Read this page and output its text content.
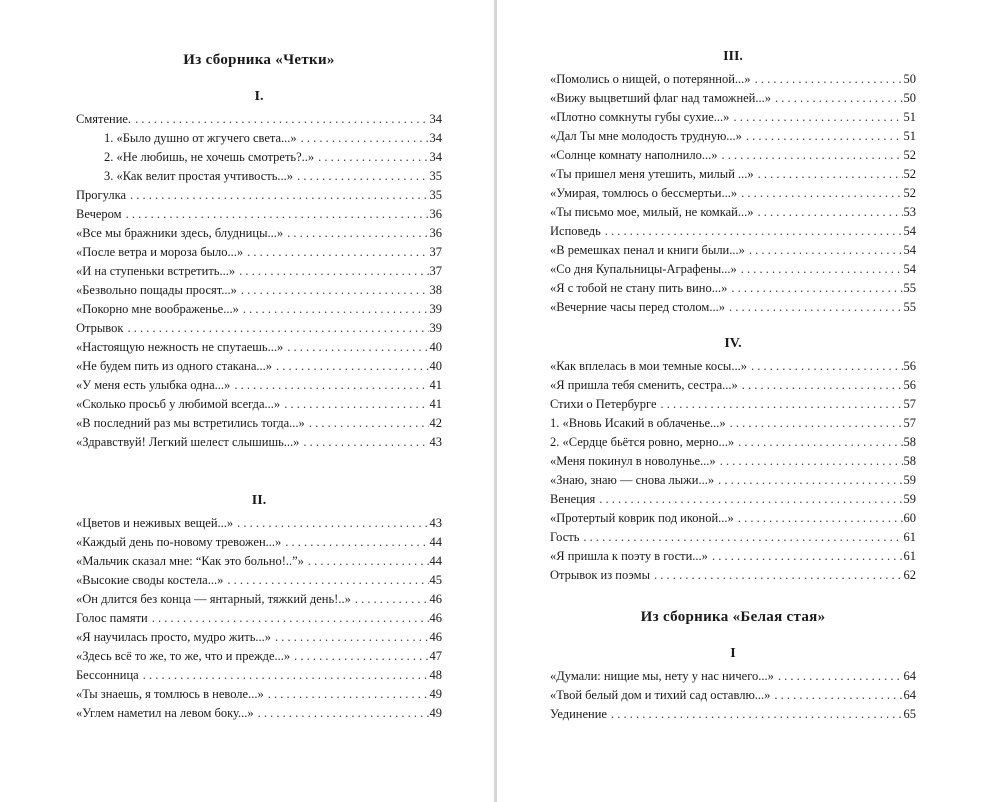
Из сборника «Четки»
I.
Смятение. . . .	34
1. «Было душно от жгучего света...» . . .	34
2. «Не любишь, не хочешь смотреть?..» . . .	34
3. «Как велит простая учтивость...» . . .	35
Прогулка . . .	35
Вечером . . .	36
«Все мы бражники здесь, блудницы...» . . .	36
«После ветра и мороза было...» . . .	37
«И на ступеньки встретить...» . . .	37
«Безвольно пощады просят...» . . .	38
«Покорно мне воображенье...» . . .	39
Отрывок . . .	39
«Настоящую нежность не спутаешь...» . . .	40
«Не будем пить из одного стакана...» . . .	40
«У меня есть улыбка одна...» . . .	41
«Сколько просьб у любимой всегда...» . . .	41
«В последний раз мы встретились тогда...» . . .	42
«Здравствуй! Легкий шелест слышишь...» . . .	43
II.
«Цветов и неживых вещей...» . . .	43
«Каждый день по-новому тревожен...» . . .	44
«Мальчик сказал мне: “Как это больно!..”» . . .	44
«Высокие своды костела...» . . .	45
«Он длится без конца — янтарный, тяжкий день!..» . . .	46
Голос памяти . . .	46
«Я научилась просто, мудро жить...» . . .	46
«Здесь всё то же, то же, что и прежде...» . . .	47
Бессонница . . .	48
«Ты знаешь, я томлюсь в неволе...» . . .	49
«Углем наметил на левом боку...» . . .	49
III.
«Помолись о нищей, о потерянной...» . . .	50
«Вижу выцветший флаг над таможней...» . . .	50
«Плотно сомкнуты губы сухие...» . . .	51
«Дал Ты мне молодость трудную...» . . .	51
«Солнце комнату наполнило...» . . .	52
«Ты пришел меня утешить, милый ...» . . .	52
«Умирая, томлюсь о бессмертьи...» . . .	52
«Ты письмо мое, милый, не комкай...» . . .	53
Исповедь . . .	54
«В ремешках пенал и книги были...» . . .	54
«Со дня Купальницы-Аграфены...» . . .	54
«Я с тобой не стану пить вино...» . . .	55
«Вечерние часы перед столом...» . . .	55
IV.
«Как вплелась в мои темные косы...» . . .	56
«Я пришла тебя сменить, сестра...» . . .	56
Стихи о Петербурге . . .	57
1. «Вновь Исакий в облаченье...» . . .	57
2. «Сердце бьётся ровно, мерно...» . . .	58
«Меня покинул в новолунье...» . . .	58
«Знаю, знаю — снова лыжи...» . . .	59
Венеция . . .	59
«Протертый коврик под иконой...» . . .	60
Гость . . .	61
«Я пришла к поэту в гости...» . . .	61
Отрывок из поэмы . . .	62
Из сборника «Белая стая»
I
«Думали: нищие мы, нету у нас ничего...» . . .	64
«Твой белый дом и тихий сад оставлю...» . . .	64
Уединение . . .	65
